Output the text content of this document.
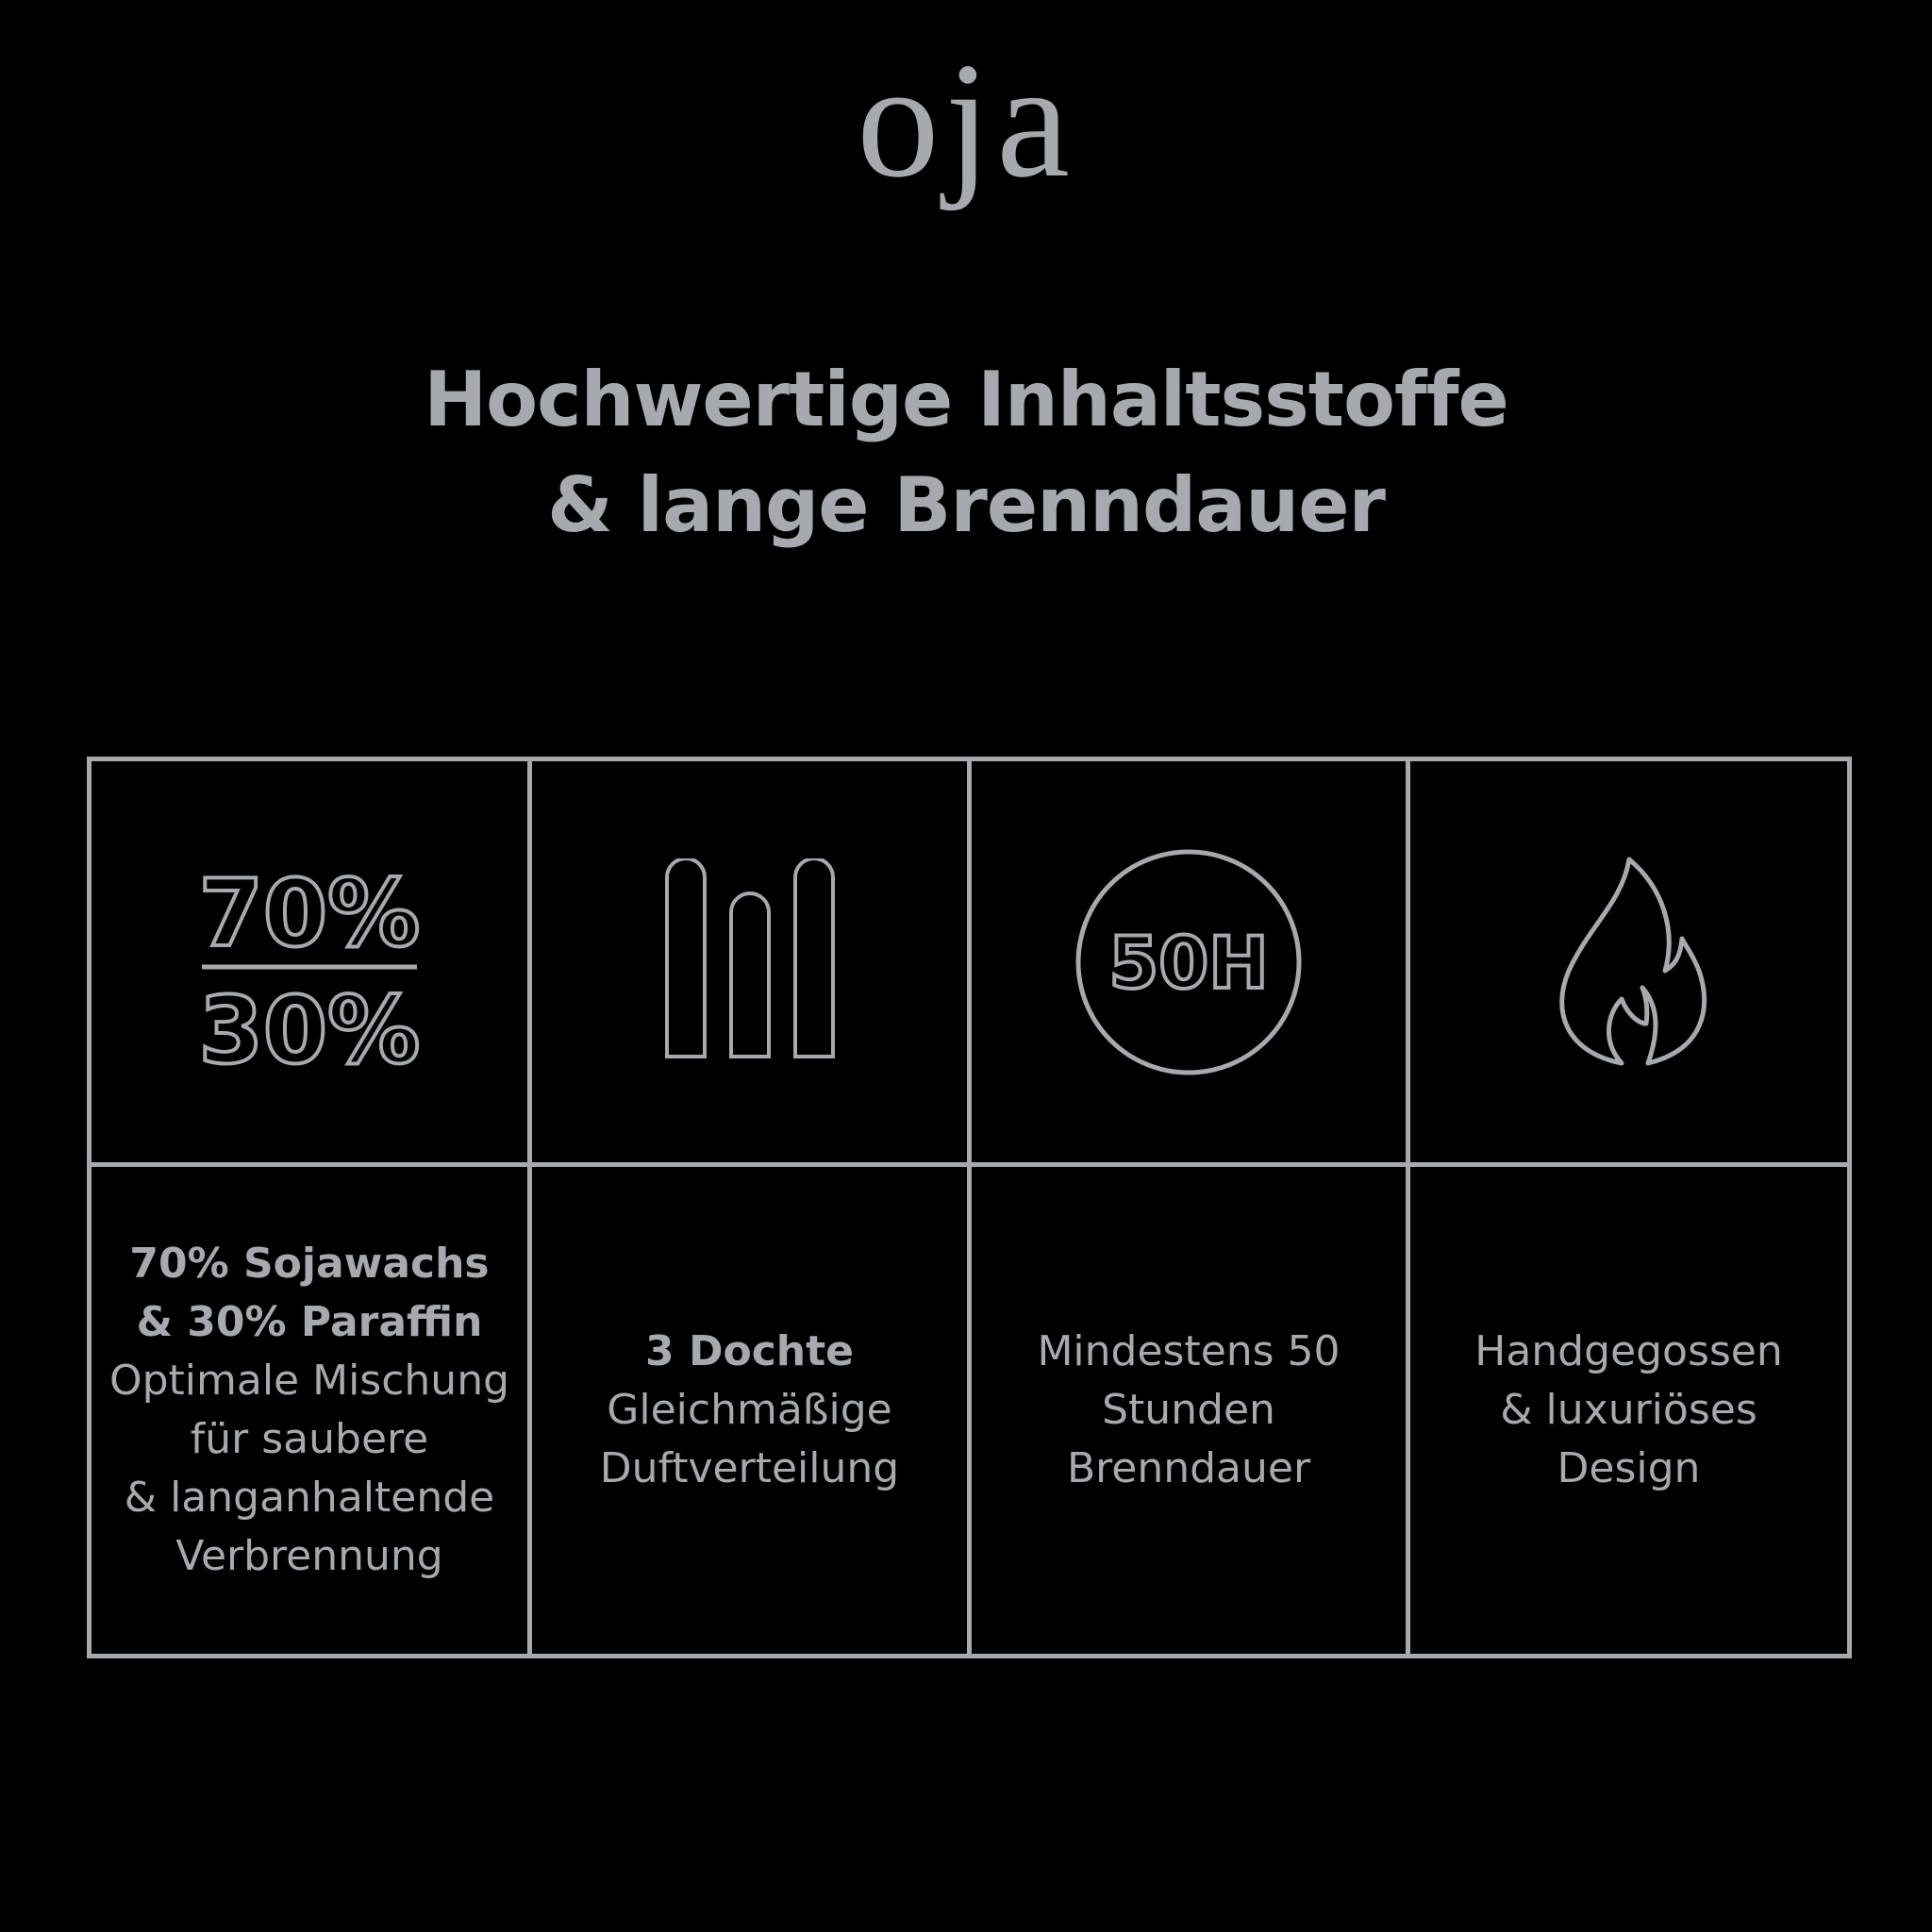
oja
Hochwertige Inhaltsstoffe
& lange Brenndauer
70%
30%
50H
70% Sojawachs
& 30% Paraffin
Optimale Mischung
für saubere
& langanhaltende
Verbrennung
3 Dochte
Gleichmäßige
Duftverteilung
Mindestens 50
Stunden
Brenndauer
Handgegossen
& luxuriöses
Design
